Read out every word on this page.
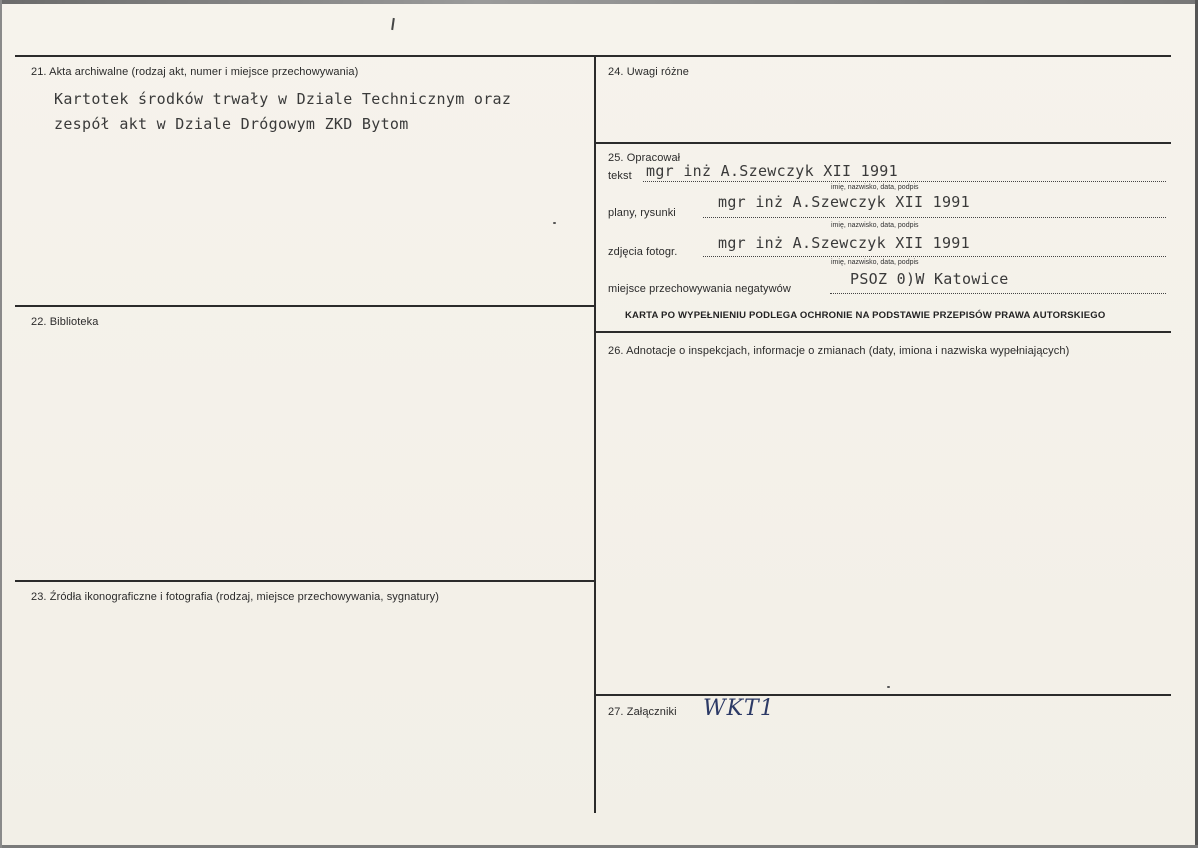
21. Akta archiwalne (rodzaj akt, numer i miejsce przechowywania)
Kartotek środków trwały w Dziale Technicznym oraz
zespół akt w Dziale Drógowym ZKD Bytom
22. Biblioteka
23. Źródła ikonograficzne i fotografia (rodzaj, miejsce przechowywania, sygnatury)
24. Uwagi różne
25. Opracował
tekst mgr inż A.Szewczyk XII 1991
imię, nazwisko, data, podpis
plany, rysunki
mgr inż A.Szewczyk XII 1991
imię, nazwisko, data, podpis
zdjęcia fotogr.	mgr inż A.Szewczyk XII 1991
imię, nazwisko, data, podpis
miejsce przechowywania negatywów
PSOZ 0)W Katowice
KARTA PO WYPEŁNIENIU PODLEGA OCHRONIE NA PODSTAWIE PRZEPISÓW PRAWA AUTORSKIEGO
26. Adnotacje o inspekcjach, informacje o zmianach (daty, imiona i nazwiska wypełniających)
27. Załączniki WKT1
